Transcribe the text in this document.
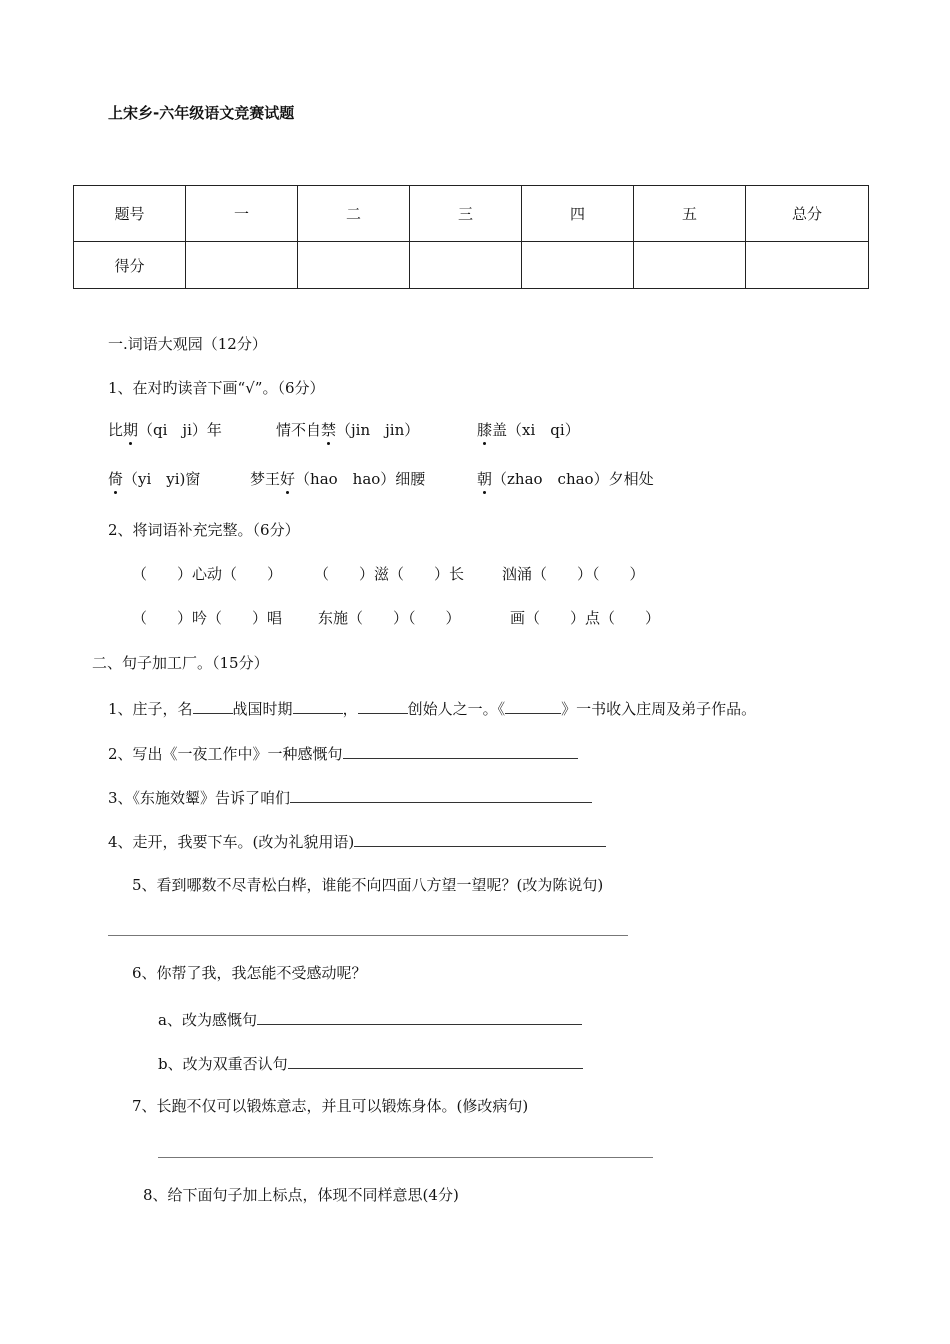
上宋乡-六年级语文竞赛试题
题号	一	二	三	四	五	总分
得分						
一.词语大观园（12分）
1、在对旳读音下画“√”。（6分）
比期（qi　ji）年	情不自禁（jin　jin）	膝盖（xi　qi）
倚（yi　yi)窗	梦王好（hao　hao）细腰	朝（zhao　chao）夕相处
2、将词语补充完整。（6分）
（　　）心动（　　） （　　）滋（　　）长	汹涌（　　）（　　）
（　　）吟（　　）唱 东施（　　）（　　）	画（　　）点（　　）
二、句子加工厂。（15分）
1、庄子，名	战国时期	，	创始人之一。《	》一书收入庄周及弟子作品。
2、写出《一夜工作中》一种感慨句
3、《东施效颦》告诉了咱们
4、走开，我要下车。(改为礼貌用语)
5、看到哪数不尽青松白桦，谁能不向四面八方望一望呢？(改为陈说句)
6、你帮了我，我怎能不受感动呢？
a、改为感慨句
b、改为双重否认句
7、长跑不仅可以锻炼意志，并且可以锻炼身体。(修改病句)
8、给下面句子加上标点，体现不同样意思(4分)
